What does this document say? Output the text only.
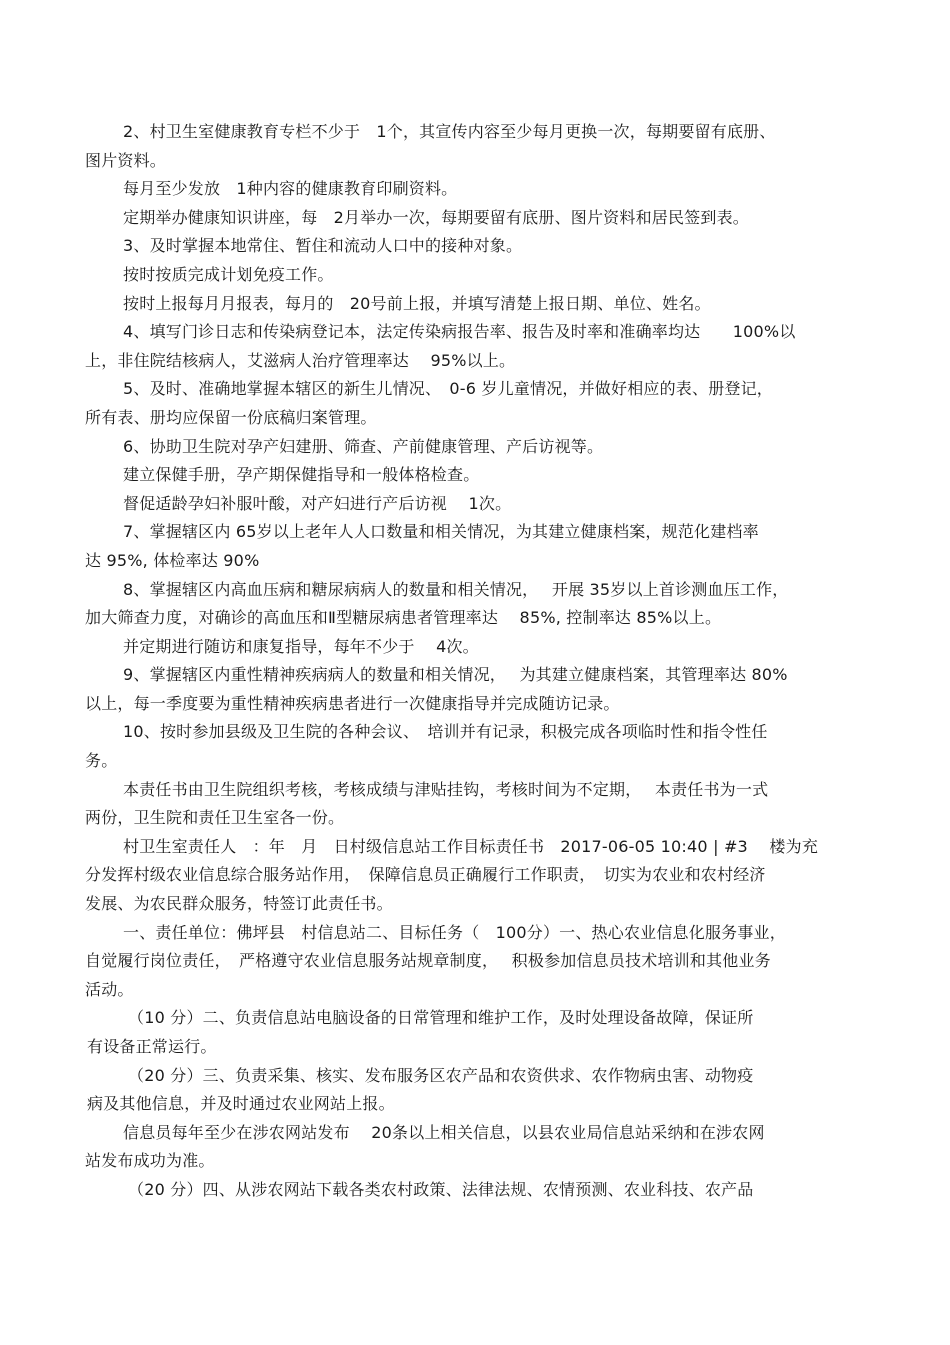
2、村卫生室健康教育专栏不少于　1个，其宣传内容至少每月更换一次，每期要留有底册、
图片资料。
每月至少发放　1种内容的健康教育印刷资料。
定期举办健康知识讲座，每　2月举办一次，每期要留有底册、图片资料和居民签到表。
3、及时掌握本地常住、暂住和流动人口中的接种对象。
按时按质完成计划免疫工作。
按时上报每月月报表，每月的　20号前上报，并填写清楚上报日期、单位、姓名。
4、填写门诊日志和传染病登记本，法定传染病报告率、报告及时率和准确率均达　　100%以
上，非住院结核病人，艾滋病人治疗管理率达　 95%以上。
5、及时、准确地掌握本辖区的新生儿情况、　0-6 岁儿童情况，并做好相应的表、册登记，
所有表、册均应保留一份底稿归案管理。
6、协助卫生院对孕产妇建册、筛查、产前健康管理、产后访视等。
建立保健手册，孕产期保健指导和一般体格检查。
督促适龄孕妇补服叶酸，对产妇进行产后访视　 1次。
7、掌握辖区内 65岁以上老年人人口数量和相关情况，为其建立健康档案，规范化建档率
达 95%, 体检率达 90%
8、掌握辖区内高血压病和糖尿病病人的数量和相关情况，　 开展 35岁以上首诊测血压工作，
加大筛查力度，对确诊的高血压和Ⅱ型糖尿病患者管理率达　 85%, 控制率达 85%以上。
并定期进行随访和康复指导，每年不少于　 4次。
9、掌握辖区内重性精神疾病病人的数量和相关情况，　 为其建立健康档案，其管理率达 80%
以上，每一季度要为重性精神疾病患者进行一次健康指导并完成随访记录。
10、按时参加县级及卫生院的各种会议、　培训并有记录，积极完成各项临时性和指令性任
务。
本责任书由卫生院组织考核，考核成绩与津贴挂钩，考核时间为不定期，　 本责任书为一式
两份，卫生院和责任卫生室各一份。
村卫生室责任人　：年　月　日村级信息站工作目标责任书　2017-06-05 10:40 | #3　 楼为充
分发挥村级农业信息综合服务站作用，　保障信息员正确履行工作职责，　切实为农业和农村经济
发展、为农民群众服务，特签订此责任书。
一、责任单位：佛坪县　村信息站二、目标任务（　100分）一、热心农业信息化服务事业，
自觉履行岗位责任，　严格遵守农业信息服务站规章制度，　 积极参加信息员技术培训和其他业务
活动。
（10 分）二、负责信息站电脑设备的日常管理和维护工作，及时处理设备故障，保证所
有设备正常运行。
（20 分）三、负责采集、核实、发布服务区农产品和农资供求、农作物病虫害、动物疫
病及其他信息，并及时通过农业网站上报。
信息员每年至少在涉农网站发布　 20条以上相关信息，以县农业局信息站采纳和在涉农网
站发布成功为准。
（20 分）四、从涉农网站下载各类农村政策、法律法规、农情预测、农业科技、农产品
